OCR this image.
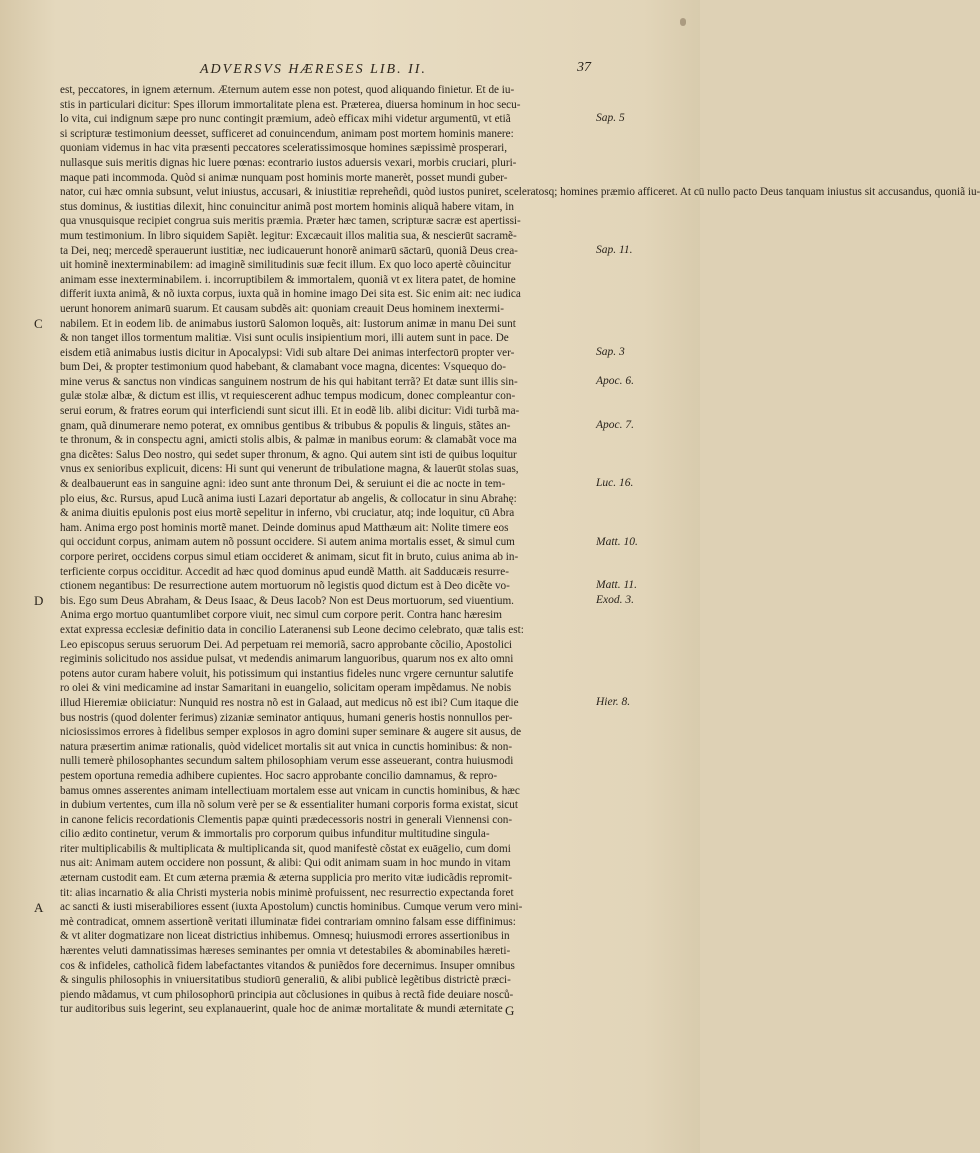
ADVERSVS HÆRESES LIB. II.	37
est, peccatores, in ignem æternum. Æternum autem esse non potest, quod aliquando finietur. Et de iu-
stis in particulari dicitur: Spes illorum immortalitate plena est. Præterea, diuersa hominum in hoc secu-
lo vita, cui indignum sæpe pro nunc contingit præmium, adeò efficax mihi videtur argumentū, vt etiã
si scripturæ testimonium deesset, sufficeret ad conuincendum, animam post mortem hominis manere:
quoniam videmus in hac vita præsenti peccatores sceleratissimosque homines sæpissimè prosperari,
nullasque suis meritis dignas hic luere pœnas: econtrario iustos aduersis vexari, morbis cruciari, pluri-
maque pati incommoda. Quòd si animæ nunquam post hominis morte manerèt, posset mundi guber-
nator, cui hæc omnia subsunt, velut iniustus, accusari, & iniustitiæ repreheñdi, quòd iustos puniret, sceleratosq; homines præmio afficeret. At cū nullo pacto Deus tanquam iniustus sit accusandus, quoniã iu-
stus dominus, & iustitias dilexit, hinc conuincitur animã post mortem hominis aliquã habere vitam, in
qua vnusquisque recipiet congrua suis meritis præmia. Præter hæc tamen, scripturæ sacræ est apertissi-
mum testimonium. In libro siquidem Sapiẽt. legitur: Excæcauit illos malitia sua, & nescierūt sacramẽ-
ta Dei, neq; mercedẽ sperauerunt iustitiæ, nec iudicauerunt honorẽ animarū sāctarū, quoniã Deus crea-
uit hominẽ inexterminabilem: ad imaginẽ similitudinis suæ fecit illum. Ex quo loco apertè cõuincitur
animam esse inexterminabilem. i. incorruptibilem & immortalem, quoniã vt ex litera patet, de homine
differit iuxta animã, & nõ iuxta corpus, iuxta quã in homine imago Dei sita est. Sic enim ait: nec iudica
uerunt honorem animarū suarum. Et causam subdẽs ait: quoniam creauit Deus hominem inextermi-
nabilem. Et in eodem lib. de animabus iustorū Salomon loquẽs, ait: Iustorum animæ in manu Dei sunt
& non tanget illos tormentum malitiæ. Visi sunt oculis insipientium mori, illi autem sunt in pace. De
eisdem etiã animabus iustis dicitur in Apocalypsi: Vidi sub altare Dei animas interfectorū propter ver-
bum Dei, & propter testimonium quod habebant, & clamabant voce magna, dicentes: Vsquequo do-
mine verus & sanctus non vindicas sanguinem nostrum de his qui habitant terrã? Et datæ sunt illis sin-
gulæ stolæ albæ, & dictum est illis, vt requiescerent adhuc tempus modicum, donec compleantur con-
serui eorum, & fratres eorum qui interficiendi sunt sicut illi. Et in eodẽ lib. alibi dicitur: Vidi turbã ma-
gnam, quã dinumerare nemo poterat, ex omnibus gentibus & tribubus & populis & linguis, stãtes an-
te thronum, & in conspectu agni, amicti stolis albis, & palmæ in manibus eorum: & clamabãt voce ma
gna dicẽtes: Salus Deo nostro, qui sedet super thronum, & agno. Qui autem sint isti de quibus loquitur
vnus ex senioribus explicuit, dicens: Hi sunt qui venerunt de tribulatione magna, & lauerūt stolas suas,
& dealbauerunt eas in sanguine agni: ideo sunt ante thronum Dei, & seruiunt ei die ac nocte in tem-
plo eius, &c. Rursus, apud Lucã anima iusti Lazari deportatur ab angelis, & collocatur in sinu Abrahę:
& anima diuitis epulonis post eius mortẽ sepelitur in inferno, vbi cruciatur, atq; inde loquitur, cū Abra
ham. Anima ergo post hominis mortẽ manet. Deinde dominus apud Matthæum ait: Nolite timere eos
qui occidunt corpus, animam autem nõ possunt occidere. Si autem anima mortalis esset, & simul cum
corpore periret, occidens corpus simul etiam occideret & animam, sicut fit in bruto, cuius anima ab in-
terficiente corpus occiditur. Accedit ad hæc quod dominus apud eundẽ Matth. ait Sadducæis resurre-
ctionem negantibus: De resurrectione autem mortuorum nõ legistis quod dictum est à Deo dicẽte vo-
bis. Ego sum Deus Abraham, & Deus Isaac, & Deus Iacob? Non est Deus mortuorum, sed viuentium.
Anima ergo mortuo quantumlibet corpore viuit, nec simul cum corpore perit. Contra hanc hæresim
extat expressa ecclesiæ definitio data in concilio Lateranensi sub Leone decimo celebrato, quæ talis est:
Leo episcopus seruus seruorum Dei. Ad perpetuam rei memoriã, sacro approbante cõcilio, Apostolici
regiminis solicitudo nos assidue pulsat, vt medendis animarum languoribus, quarum nos ex alto omni
potens autor curam habere voluit, his potissimum qui instantius fideles nunc vrgere cernuntur salutife
ro olei & vini medicamine ad instar Samaritani in euangelio, solicitam operam impẽdamus. Ne nobis
illud Hieremiæ obiiciatur: Nunquid res nostra nõ est in Galaad, aut medicus nõ est ibi? Cum itaque die
bus nostris (quod dolenter ferimus) zizaniæ seminator antiquus, humani generis hostis nonnullos per-
niciosissimos errores à fidelibus semper explosos in agro domini super seminare & augere sit ausus, de
natura præsertim animæ rationalis, quòd videlicet mortalis sit aut vnica in cunctis hominibus: & non-
nulli temerè philosophantes secundum saltem philosophiam verum esse asseuerant, contra huiusmodi
pestem oportuna remedia adhibere cupientes. Hoc sacro approbante concilio damnamus, & repro-
bamus omnes asserentes animam intellectiuam mortalem esse aut vnicam in cunctis hominibus, & hæc
in dubium vertentes, cum illa nõ solum verè per se & essentialiter humani corporis forma existat, sicut
in canone felicis recordationis Clementis papæ quinti prædecessoris nostri in generali Viennensi con-
cilio ædito continetur, verum & immortalis pro corporum quibus infunditur multitudine singula-
riter multiplicabilis & multiplicata & multiplicanda sit, quod manifestè cõstat ex euāgelio, cum domi
nus ait: Animam autem occidere non possunt, & alibi: Qui odit animam suam in hoc mundo in vitam
æternam custodit eam. Et cum æterna præmia & æterna supplicia pro merito vitæ iudicãdis repromit-
tit: alias incarnatio & alia Christi mysteria nobis minimè profuissent, nec resurrectio expectanda foret
ac sancti & iusti miserabiliores essent (iuxta Apostolum) cunctis hominibus. Cumque verum vero mini-
mè contradicat, omnem assertionẽ veritati illuminatæ fidei contrariam omnino falsam esse diffinimus:
& vt aliter dogmatizare non liceat districtius inhibemus. Omnesq; huiusmodi errores assertionibus in
hærentes veluti damnatissimas hæreses seminantes per omnia vt detestabiles & abominabiles hæreti-
cos & infideles, catholicã fidem labefactantes vitandos & puniẽdos fore decernimus. Insuper omnibus
& singulis philosophis in vniuersitatibus studiorū generaliū, & alibi publicè legẽtibus districtè præci-
piendo mãdamus, vt cum philosophorū principia aut cõclusiones in quibus à rectã fide deuiare nosců-
tur auditoribus suis legerint, seu explanauerint, quale hoc de animæ mortalitate & mundi æternitate
Sap. 5
Sap. 11.
Sap. 3
Apoc. 6.
Apoc. 7.
Luc. 16.
Matt. 10.
Matt. 11.
Exod. 3.
Hier. 8.
C
D
A
G
